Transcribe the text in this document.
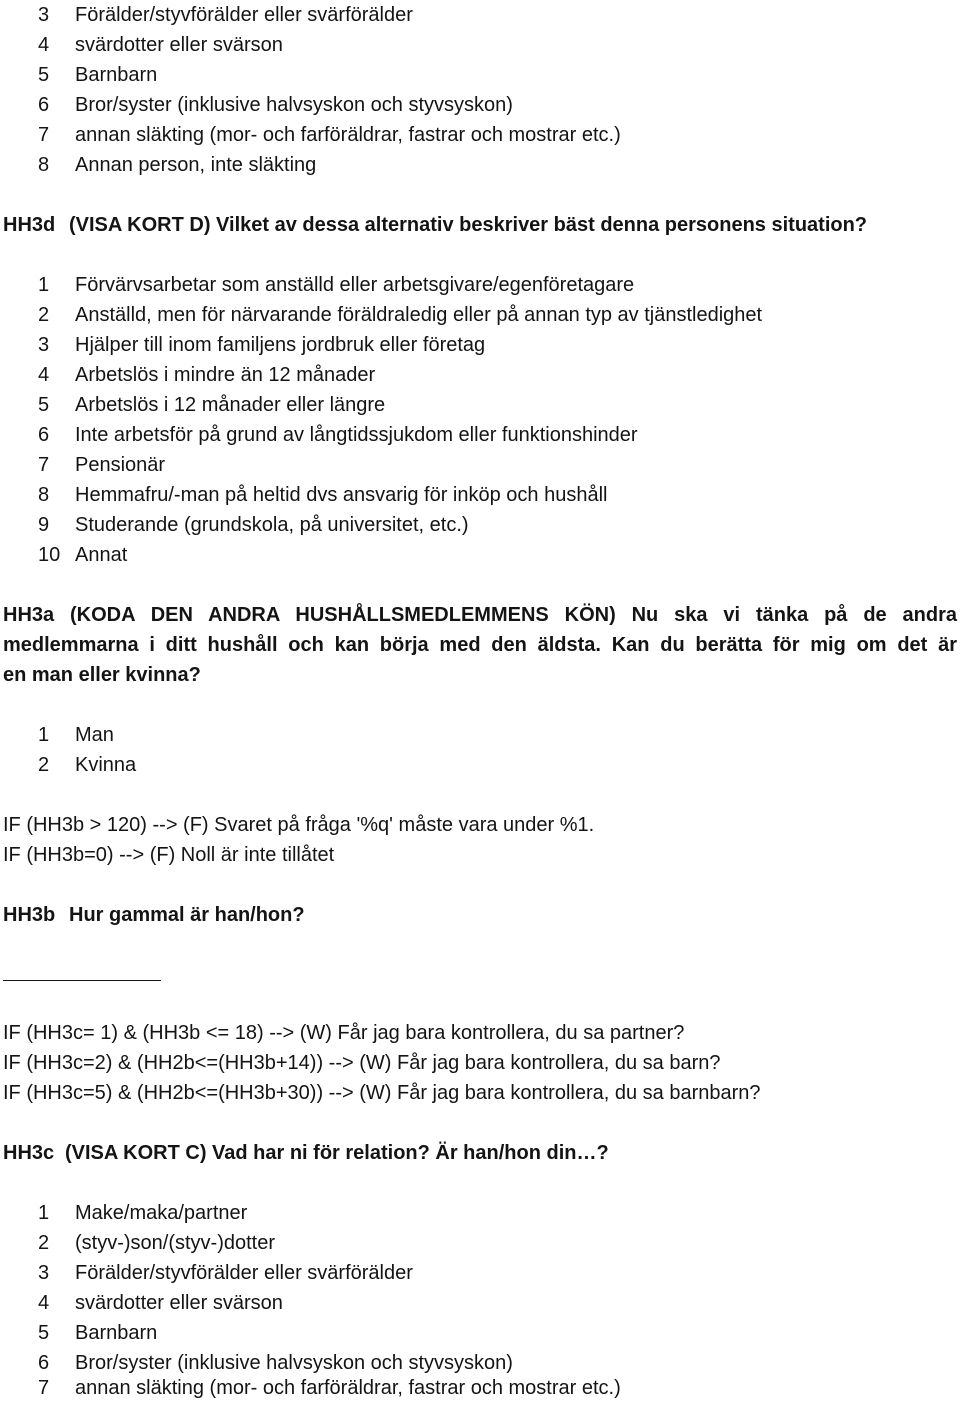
3 Förälder/styvförälder eller svärförälder
4 svärdotter eller svärson
5 Barnbarn
6 Bror/syster (inklusive halvsyskon och styvsyskon)
7 annan släkting (mor- och farföräldrar, fastrar och mostrar etc.)
8 Annan person, inte släkting
HH3d (VISA KORT D) Vilket av dessa alternativ beskriver bäst denna personens situation?
1 Förvärvsarbetar som anställd eller arbetsgivare/egenföretagare
2 Anställd, men för närvarande föräldraledig eller på annan typ av tjänstledighet
3 Hjälper till inom familjens jordbruk eller företag
4 Arbetslös i mindre än 12 månader
5 Arbetslös i 12 månader eller längre
6 Inte arbetsför på grund av långtidssjukdom eller funktionshinder
7 Pensionär
8 Hemmafru/-man på heltid dvs ansvarig för inköp och hushåll
9 Studerande (grundskola, på universitet, etc.)
10 Annat
HH3a (KODA DEN ANDRA HUSHÅLLSMEDLEMMENS KÖN) Nu ska vi tänka på de andra
medlemmarna i ditt hushåll och kan börja med den äldsta. Kan du berätta för mig om det är
en man eller kvinna?
1 Man
2 Kvinna
IF (HH3b > 120) --> (F) Svaret på fråga '%q' måste vara under %1.
IF (HH3b=0) --> (F) Noll är inte tillåtet
HH3b Hur gammal är han/hon?
IF (HH3c= 1) & (HH3b <= 18) --> (W) Får jag bara kontrollera, du sa partner?
IF (HH3c=2) & (HH2b<=(HH3b+14)) --> (W) Får jag bara kontrollera, du sa barn?
IF (HH3c=5) & (HH2b<=(HH3b+30)) --> (W) Får jag bara kontrollera, du sa barnbarn?
HH3c (VISA KORT C) Vad har ni för relation? Är han/hon din…?
1 Make/maka/partner
2 (styv-)son/(styv-)dotter
3 Förälder/styvförälder eller svärförälder
4 svärdotter eller svärson
5 Barnbarn
6 Bror/syster (inklusive halvsyskon och styvsyskon)
7 annan släkting (mor- och farföräldrar, fastrar och mostrar etc.)
